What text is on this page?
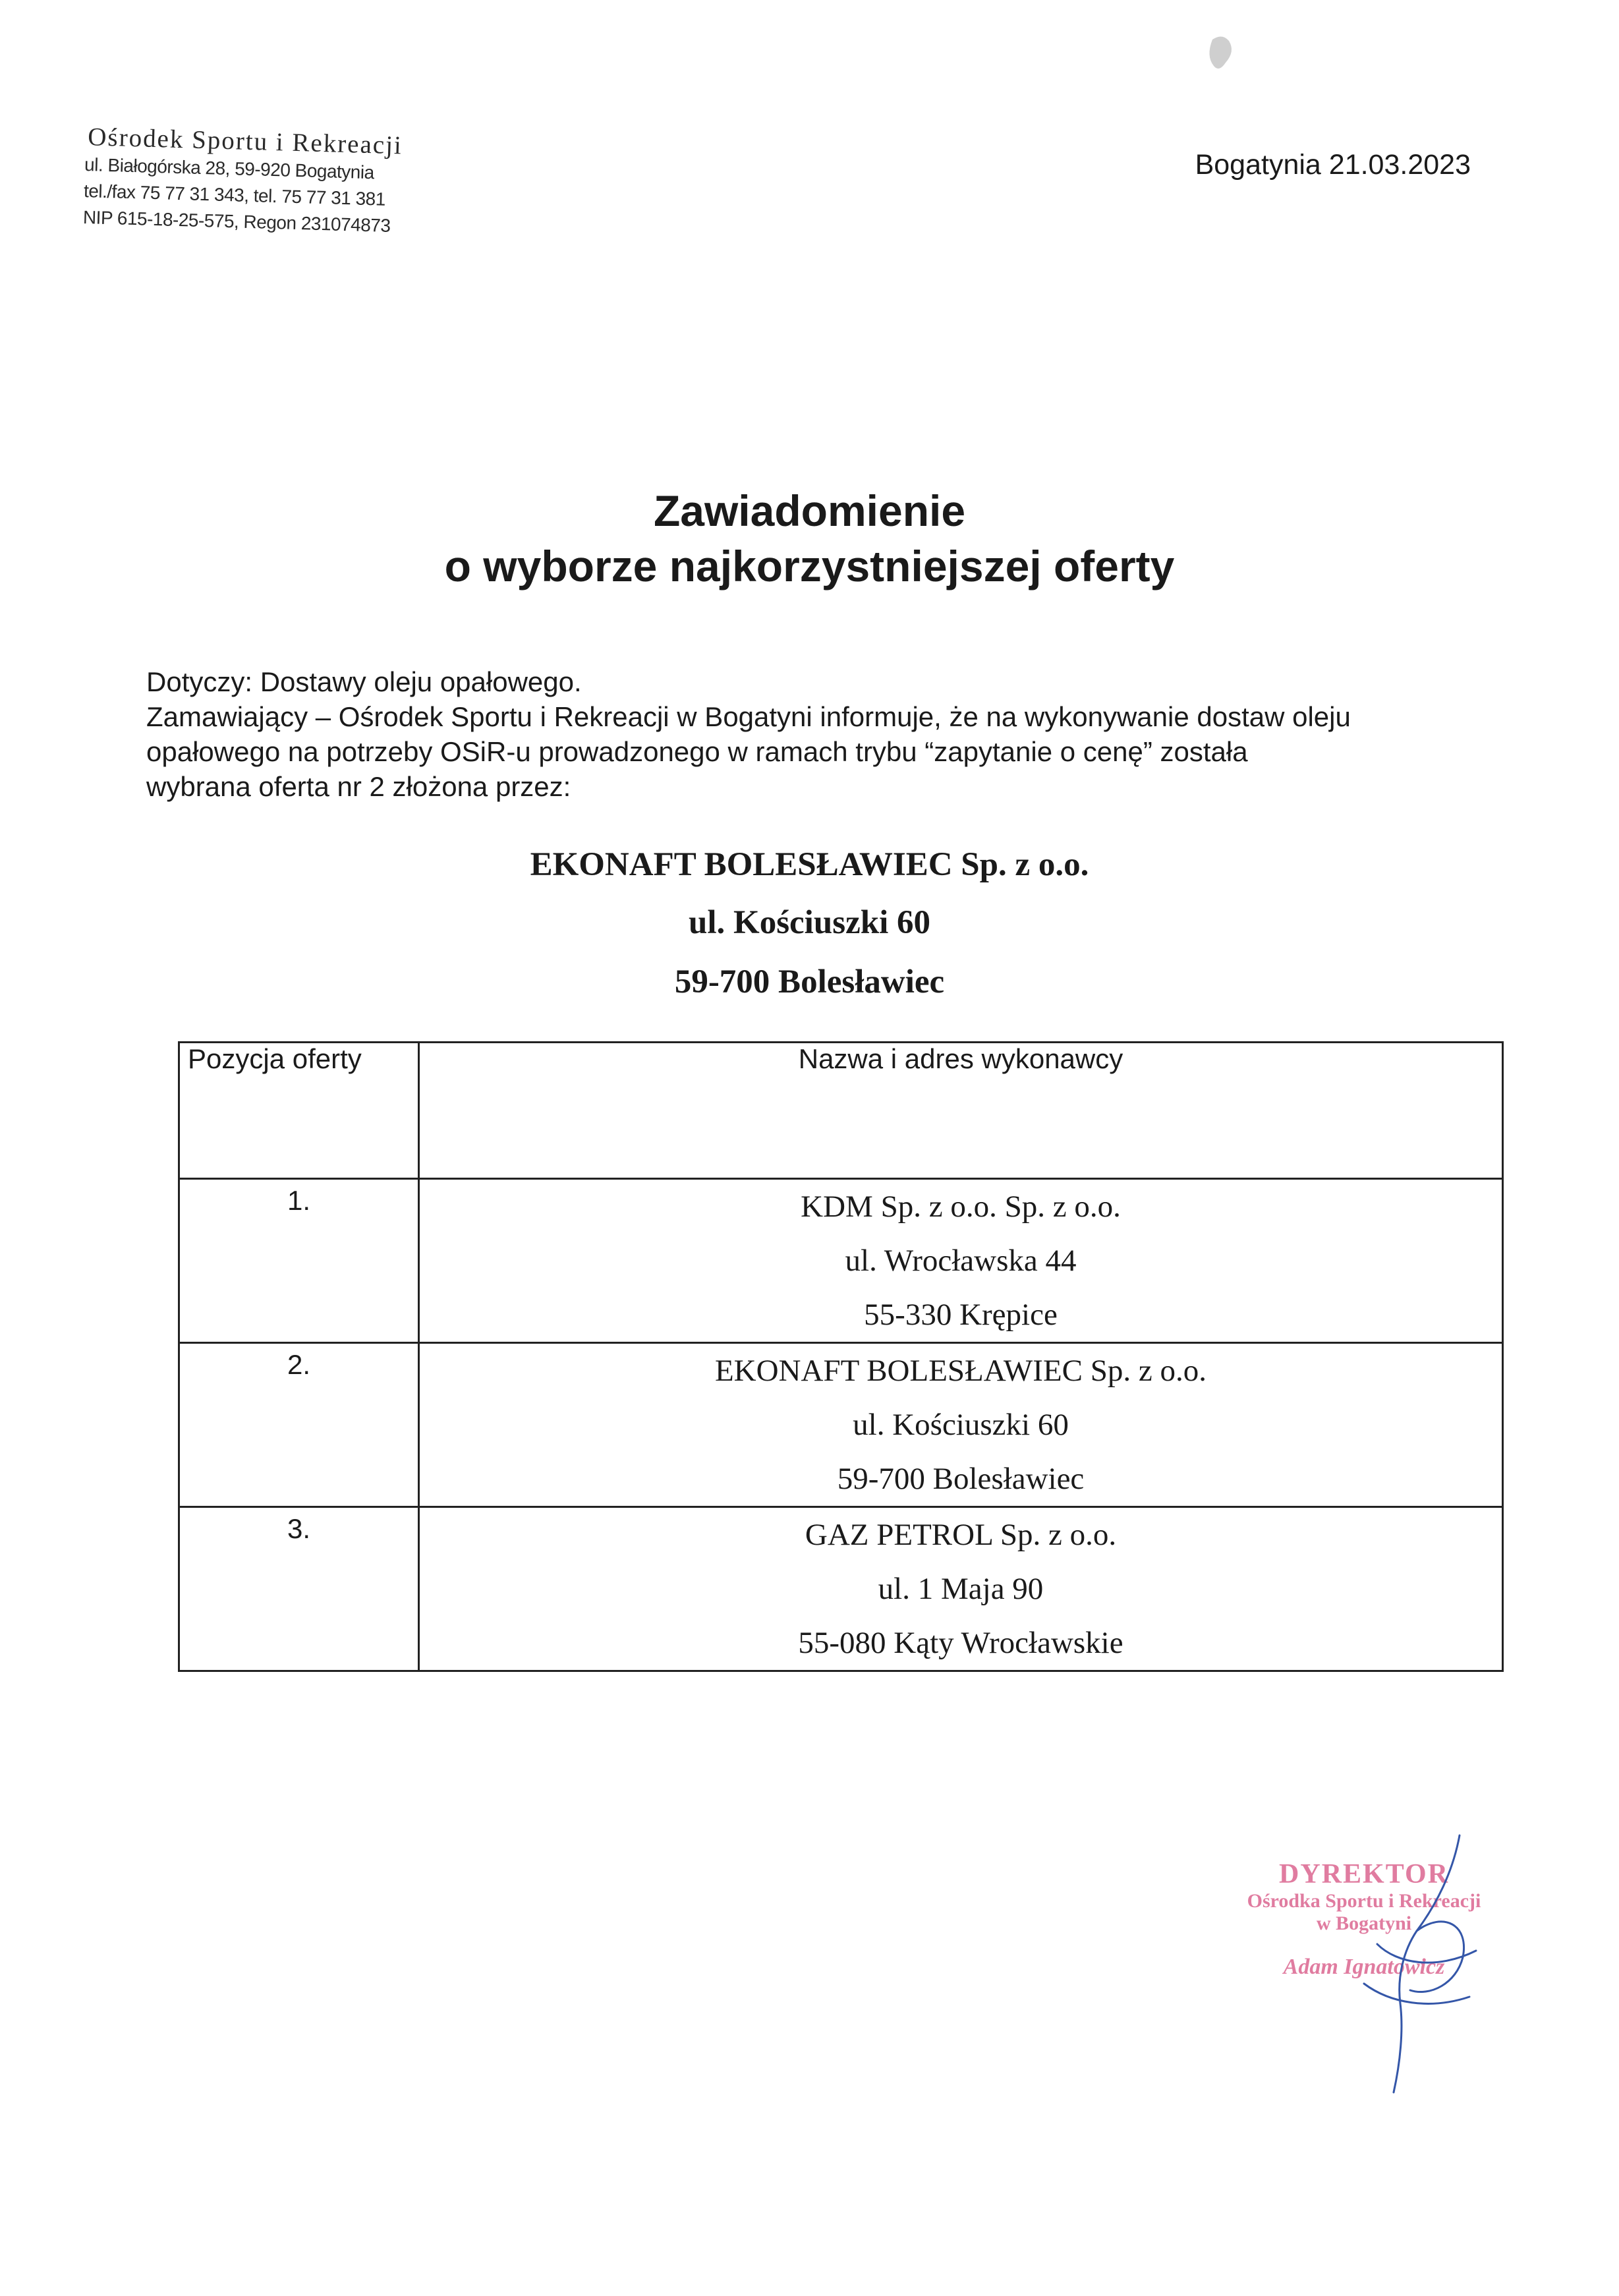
Ośrodek Sportu i Rekreacji
ul. Białogórska 28, 59-920 Bogatynia
tel./fax 75 77 31 343, tel. 75 77 31 381
NIP 615-18-25-575, Regon 231074873
Bogatynia 21.03.2023
Zawiadomienie
o wyborze najkorzystniejszej oferty

Dotyczy: Dostawy oleju opałowego.

Zamawiający – Ośrodek Sportu i Rekreacji w Bogatyni informuje, że na wykonywanie dostaw oleju

opałowego na potrzeby OSiR-u prowadzonego w ramach trybu “zapytanie o cenę” została

wybrana oferta nr 2 złożona przez:

EKONAFT BOLESŁAWIEC Sp. z o.o.
ul. Kościuszki 60
59-700 Bolesławiec
Pozycja oferty	Nazwa i adres wykonawcy
1.	KDM Sp. z o.o. Sp. z o.o.
ul. Wrocławska 44
55-330 Krępice

2.	EKONAFT BOLESŁAWIEC Sp. z o.o.
ul. Kościuszki 60
59-700 Bolesławiec

3.	GAZ PETROL Sp. z o.o.
ul. 1 Maja 90
55-080 Kąty Wrocławskie
DYREKTOR
Ośrodka Sportu i Rekreacji
w Bogatyni
Adam Ignatowicz
